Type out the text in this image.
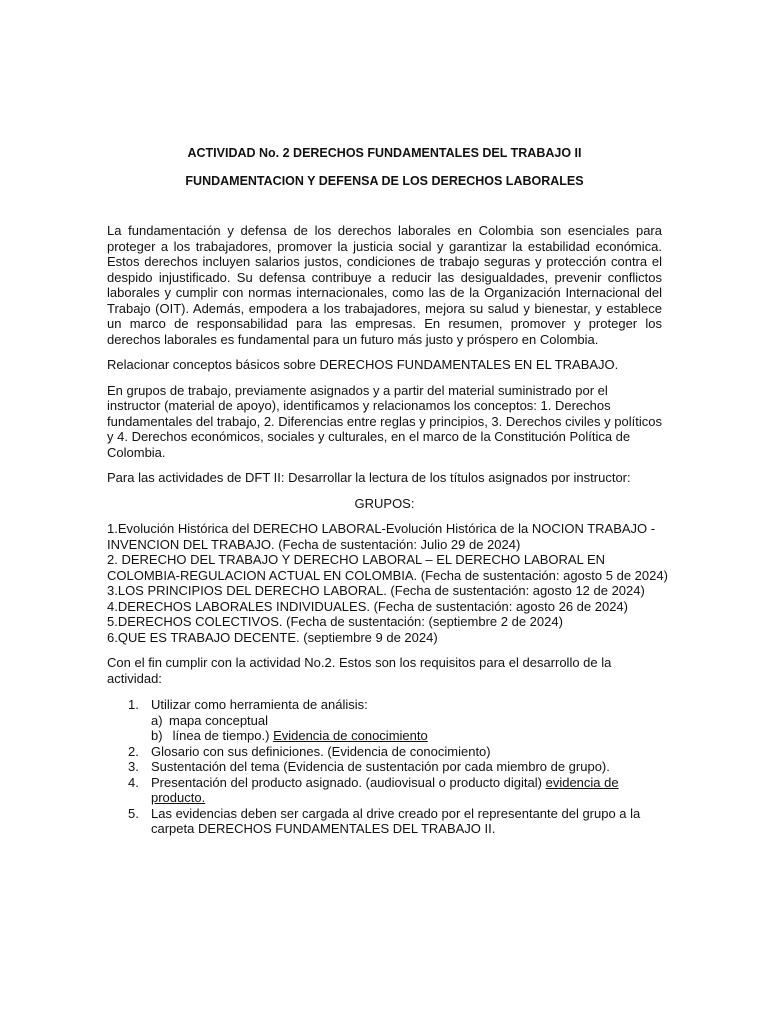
ACTIVIDAD No. 2 DERECHOS FUNDAMENTALES DEL TRABAJO II

FUNDAMENTACION Y DEFENSA DE LOS DERECHOS LABORALES

La fundamentación y defensa de los derechos laborales en Colombia son esenciales para proteger a los trabajadores, promover la justicia social y garantizar la estabilidad económica. Estos derechos incluyen salarios justos, condiciones de trabajo seguras y protección contra el despido injustificado. Su defensa contribuye a reducir las desigualdades, prevenir conflictos laborales y cumplir con normas internacionales, como las de la Organización Internacional del Trabajo (OIT). Además, empodera a los trabajadores, mejora su salud y bienestar, y establece un marco de responsabilidad para las empresas. En resumen, promover y proteger los derechos laborales es fundamental para un futuro más justo y próspero en Colombia.

Relacionar conceptos básicos sobre DERECHOS FUNDAMENTALES EN EL TRABAJO.

En grupos de trabajo, previamente asignados y a partir del material suministrado por el instructor (material de apoyo), identificamos y relacionamos los conceptos: 1. Derechos fundamentales del trabajo, 2. Diferencias entre reglas y principios, 3. Derechos civiles y políticos y 4. Derechos económicos, sociales y culturales, en el marco de la Constitución Política de Colombia.

Para las actividades de DFT II: Desarrollar la lectura de los títulos asignados por instructor:

GRUPOS:

1.Evolución Histórica del DERECHO LABORAL-Evolución Histórica de la NOCION TRABAJO -
INVENCION DEL TRABAJO. (Fecha de sustentación: Julio 29 de 2024)
2. DERECHO DEL TRABAJO Y DERECHO LABORAL – EL DERECHO LABORAL EN
COLOMBIA-REGULACION ACTUAL EN COLOMBIA. (Fecha de sustentación: agosto 5 de 2024)
3.LOS PRINCIPIOS DEL DERECHO LABORAL. (Fecha de sustentación: agosto 12 de 2024)
4.DERECHOS LABORALES INDIVIDUALES. (Fecha de sustentación: agosto 26 de 2024)
5.DERECHOS COLECTIVOS. (Fecha de sustentación: (septiembre 2 de 2024)
6.QUE ES TRABAJO DECENTE. (septiembre 9 de 2024)

Con el fin cumplir con la actividad No.2. Estos son los requisitos para el desarrollo de la actividad:

1. Utilizar como herramienta de análisis:
a) mapa conceptual
b) línea de tiempo.) Evidencia de conocimiento
2. Glosario con sus definiciones. (Evidencia de conocimiento)
3. Sustentación del tema (Evidencia de sustentación por cada miembro de grupo).
4. Presentación del producto asignado. (audiovisual o producto digital) evidencia de producto.
5. Las evidencias deben ser cargada al drive creado por el representante del grupo a la carpeta DERECHOS FUNDAMENTALES DEL TRABAJO II.
